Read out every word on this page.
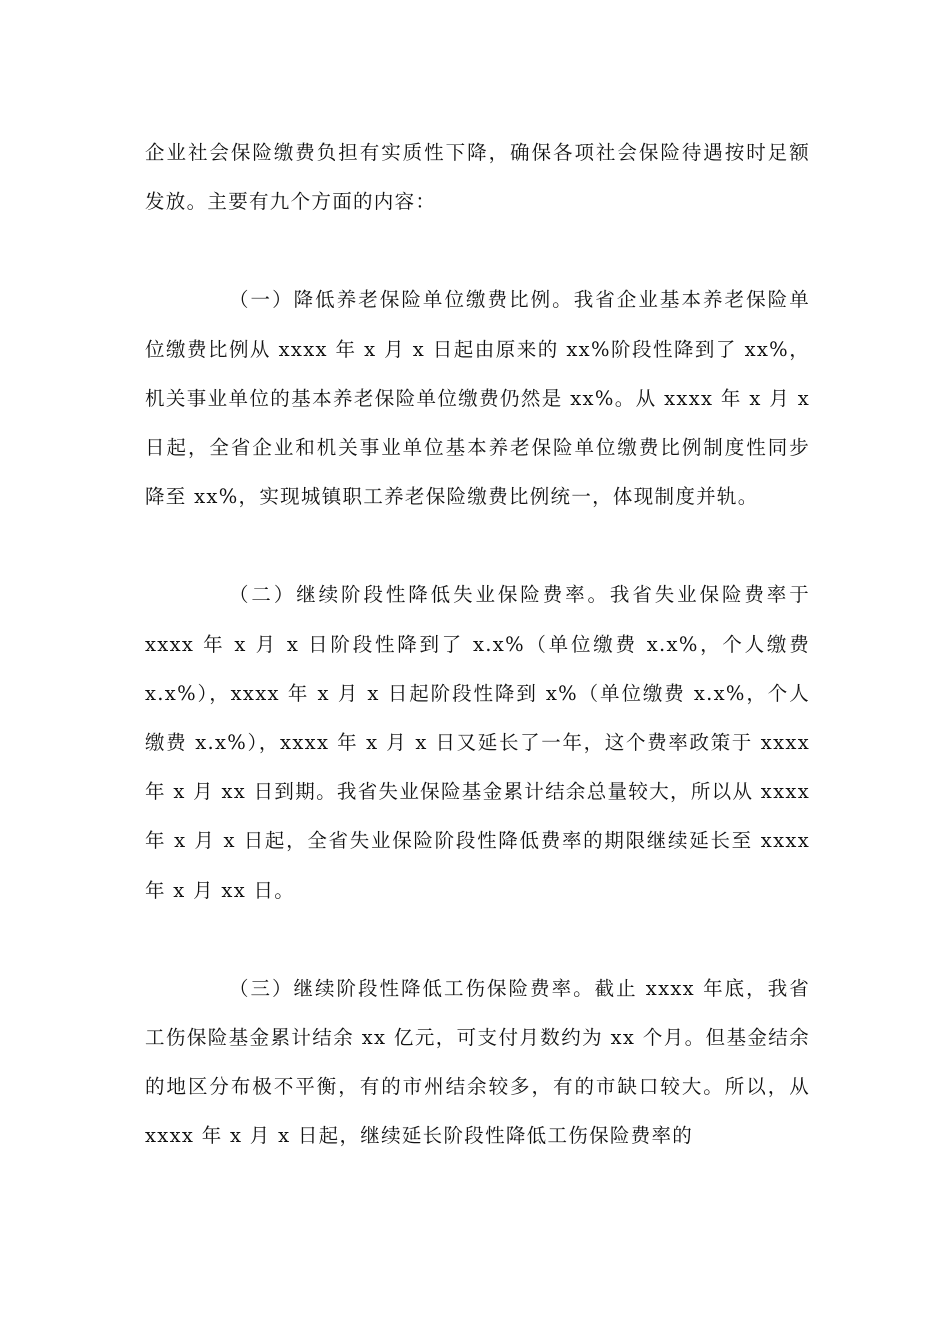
企业社会保险缴费负担有实质性下降，确保各项社会保险待遇按时足额发放。主要有九个方面的内容：

（一）降低养老保险单位缴费比例。我省企业基本养老保险单位缴费比例从 xxxx 年 x 月 x 日起由原来的 xx%阶段性降到了 xx%，机关事业单位的基本养老保险单位缴费仍然是 xx%。从 xxxx 年 x 月 x 日起，全省企业和机关事业单位基本养老保险单位缴费比例制度性同步降至 xx%，实现城镇职工养老保险缴费比例统一，体现制度并轨。

（二）继续阶段性降低失业保险费率。我省失业保险费率于 xxxx 年 x 月 x 日阶段性降到了 x.x%（单位缴费 x.x%，个人缴费 x.x%），xxxx 年 x 月 x 日起阶段性降到 x%（单位缴费 x.x%，个人缴费 x.x%），xxxx 年 x 月 x 日又延长了一年，这个费率政策于 xxxx 年 x 月 xx 日到期。我省失业保险基金累计结余总量较大，所以从 xxxx 年 x 月 x 日起，全省失业保险阶段性降低费率的期限继续延长至 xxxx 年 x 月 xx 日。

（三）继续阶段性降低工伤保险费率。截止 xxxx 年底，我省工伤保险基金累计结余 xx 亿元，可支付月数约为 xx 个月。但基金结余的地区分布极不平衡，有的市州结余较多，有的市缺口较大。所以，从 xxxx 年 x 月 x 日起，继续延长阶段性降低工伤保险费率的
